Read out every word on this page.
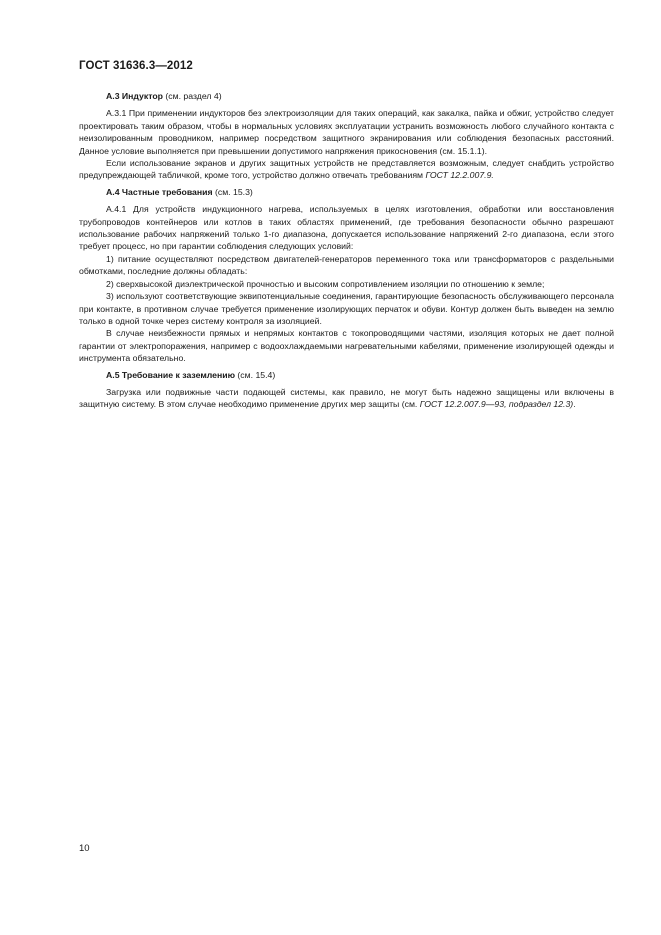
ГОСТ 31636.3—2012
А.3 Индуктор (см. раздел 4)

А.3.1 При применении индукторов без электроизоляции для таких операций, как закалка, пайка и обжиг, устройство следует проектировать таким образом, чтобы в нормальных условиях эксплуатации устранить возможность любого случайного контакта с неизолированным проводником, например посредством защитного экранирования или соблюдения безопасных расстояний. Данное условие выполняется при превышении допустимого напряжения прикосновения (см. 15.1.1).

Если использование экранов и других защитных устройств не представляется возможным, следует снабдить устройство предупреждающей табличкой, кроме того, устройство должно отвечать требованиям ГОСТ 12.2.007.9.

А.4 Частные требования (см. 15.3)

А.4.1 Для устройств индукционного нагрева, используемых в целях изготовления, обработки или восстановления трубопроводов контейнеров или котлов в таких областях применений, где требования безопасности обычно разрешают использование рабочих напряжений только 1-го диапазона, допускается использование напряжений 2-го диапазона, если этого требует процесс, но при гарантии соблюдения следующих условий:

1) питание осуществляют посредством двигателей-генераторов переменного тока или трансформаторов с раздельными обмотками, последние должны обладать:

2) сверхвысокой диэлектрической прочностью и высоким сопротивлением изоляции по отношению к земле;

3) используют соответствующие эквипотенциальные соединения, гарантирующие безопасность обслуживающего персонала при контакте, в противном случае требуется применение изолирующих перчаток и обуви. Контур должен быть выведен на землю только в одной точке через систему контроля за изоляцией.

В случае неизбежности прямых и непрямых контактов с токопроводящими частями, изоляция которых не дает полной гарантии от электропоражения, например с водоохлаждаемыми нагревательными кабелями, применение изолирующей одежды и инструмента обязательно.

А.5 Требование к заземлению (см. 15.4)

Загрузка или подвижные части подающей системы, как правило, не могут быть надежно защищены или включены в защитную систему. В этом случае необходимо применение других мер защиты (см. ГОСТ 12.2.007.9—93, подраздел 12.3).

10
